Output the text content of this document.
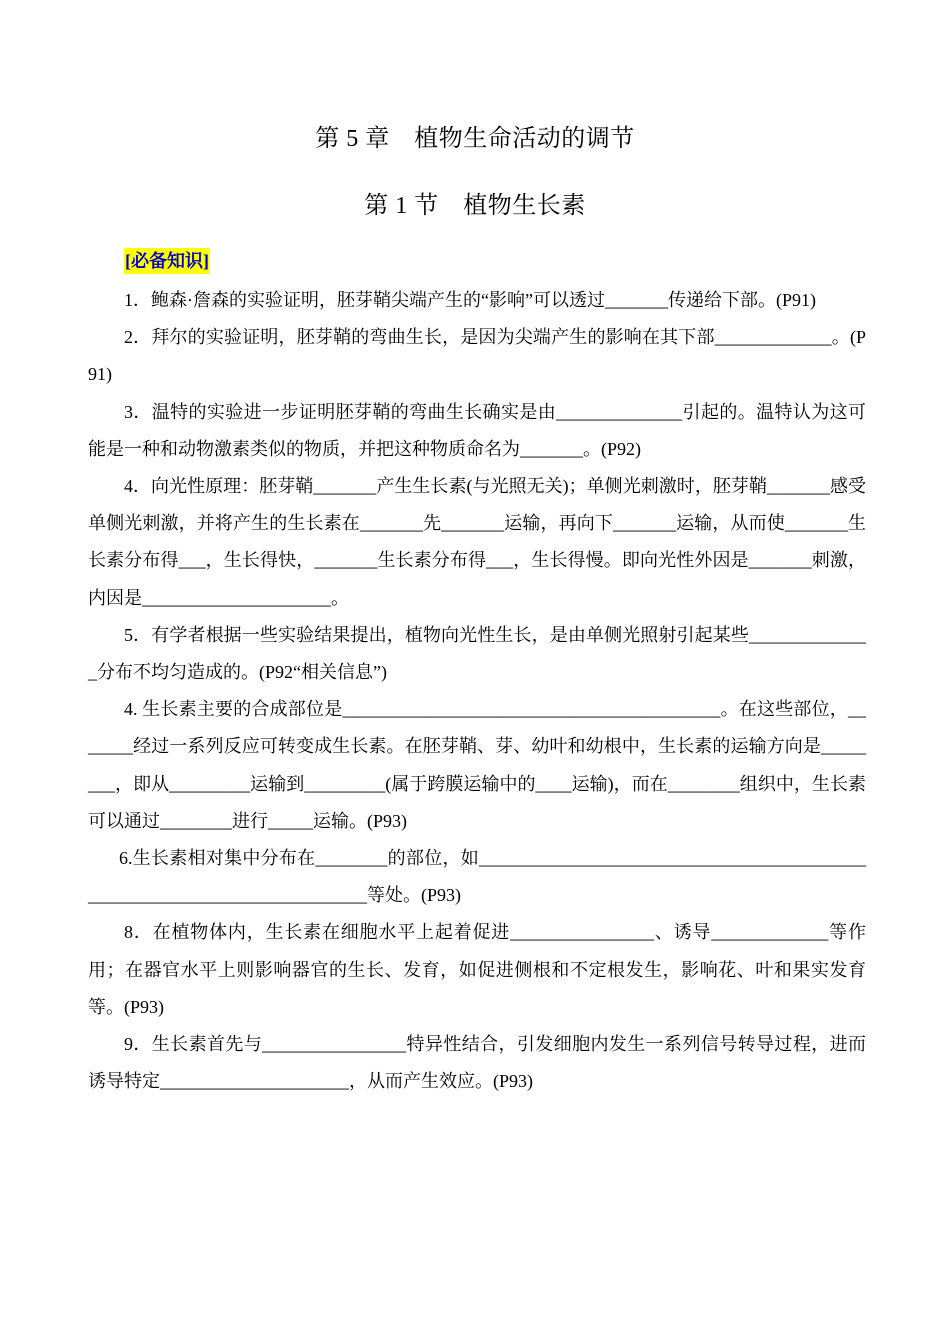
第 5 章　植物生命活动的调节
第 1 节　植物生长素
[必备知识]

1．鲍森·詹森的实验证明，胚芽鞘尖端产生的“影响”可以透过_______传递给下部。(P91)

2．拜尔的实验证明，胚芽鞘的弯曲生长，是因为尖端产生的影响在其下部_____________。(P91)

3．温特的实验进一步证明胚芽鞘的弯曲生长确实是由______________引起的。温特认为这可能是一种和动物激素类似的物质，并把这种物质命名为_______。(P92)

4．向光性原理：胚芽鞘_______产生生长素(与光照无关)；单侧光刺激时，胚芽鞘_______感受单侧光刺激，并将产生的生长素在_______先_______运输，再向下_______运输，从而使_______生长素分布得___，生长得快，_______生长素分布得___，生长得慢。即向光性外因是_______刺激，内因是_____________________。

5．有学者根据一些实验结果提出，植物向光性生长，是由单侧光照射引起某些______________分布不均匀造成的。(P92“相关信息”)

4. 生长素主要的合成部位是__________________________________________。在这些部位，_______经过一系列反应可转变成生长素。在胚芽鞘、芽、幼叶和幼根中，生长素的运输方向是________，即从_________运输到_________(属于跨膜运输中的____运输)，而在________组织中，生长素可以通过________进行_____运输。(P93)

6.生长素相对集中分布在________的部位，如__________________________________________________________________________等处。(P93)

8．在植物体内，生长素在细胞水平上起着促进________________、诱导_____________等作用；在器官水平上则影响器官的生长、发育，如促进侧根和不定根发生，影响花、叶和果实发育等。(P93)

9．生长素首先与________________特异性结合，引发细胞内发生一系列信号转导过程，进而诱导特定_____________________，从而产生效应。(P93)
